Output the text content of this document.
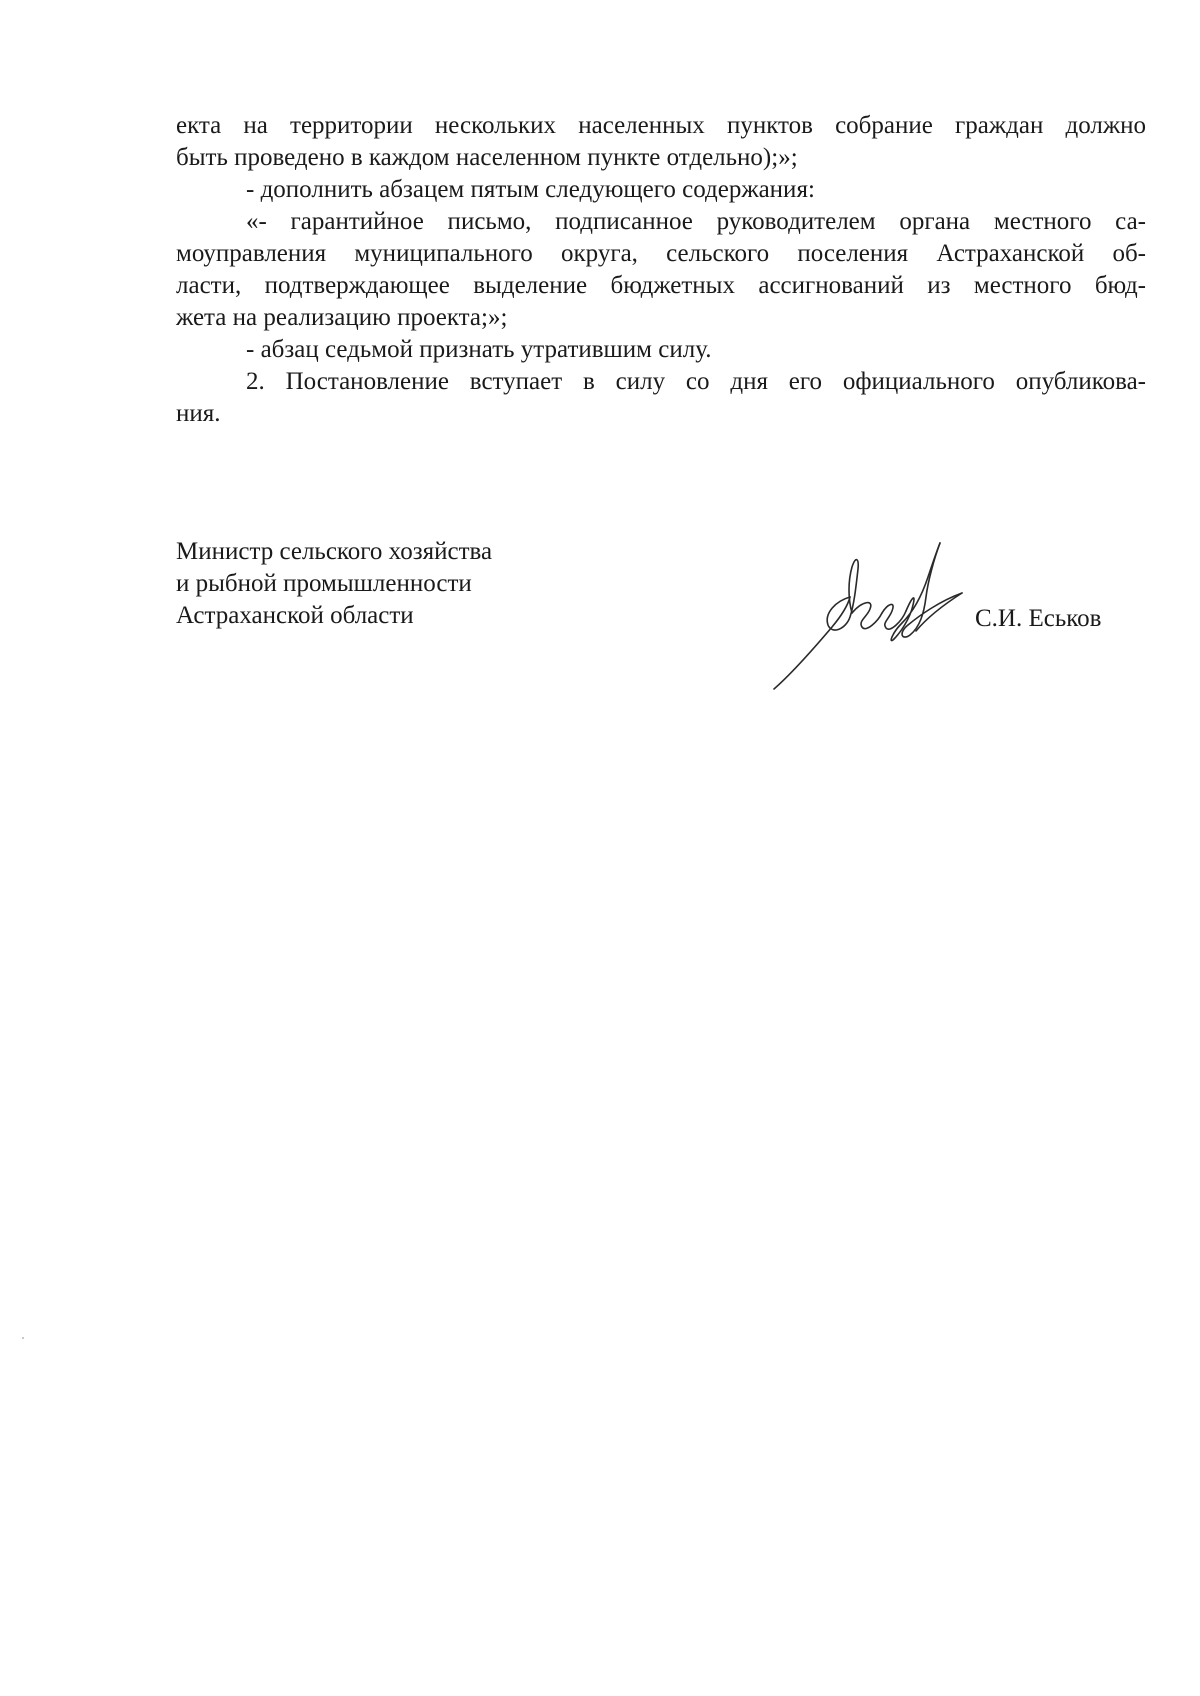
екта на территории нескольких населенных пунктов собрание граждан должно
быть проведено в каждом населенном пункте отдельно);»;
- дополнить абзацем пятым следующего содержания:
«- гарантийное письмо, подписанное руководителем органа местного са-
моуправления муниципального округа, сельского поселения Астраханской об-
ласти, подтверждающее выделение бюджетных ассигнований из местного бюд-
жета на реализацию проекта;»;
- абзац седьмой признать утратившим силу.
2. Постановление вступает в силу со дня его официального опубликова-
ния.
Министр сельского хозяйства
и рыбной промышленности
Астраханской области	С.И. Еськов
